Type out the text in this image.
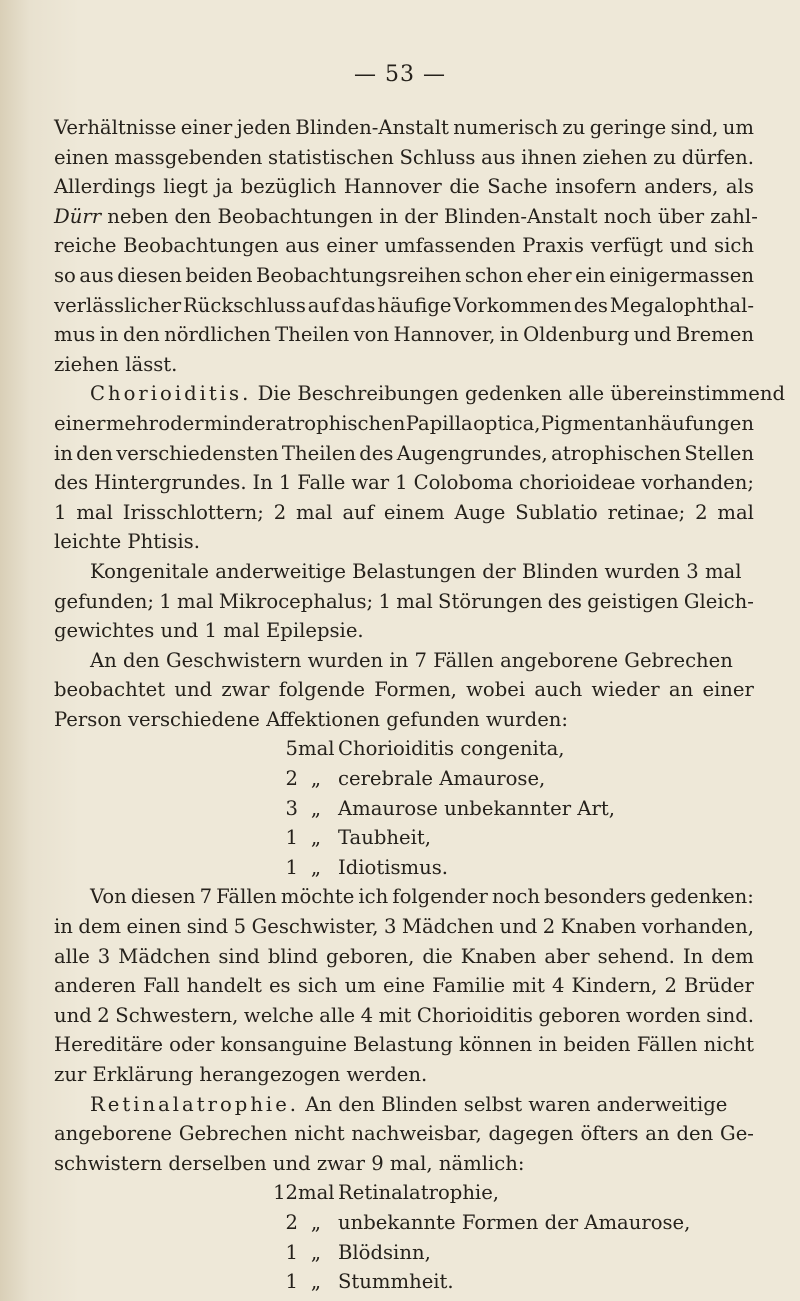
— 53 —
Verhältnisse einer jeden Blinden-Anstalt numerisch zu geringe sind, um
einen massgebenden statistischen Schluss aus ihnen ziehen zu dürfen.
Allerdings liegt ja bezüglich Hannover die Sache insofern anders, als
Dürr
neben den Beobachtungen in der Blinden-Anstalt noch über zahl-
reiche Beobachtungen aus einer umfassenden Praxis verfügt und sich
so aus diesen beiden Beobachtungsreihen schon eher ein einigermassen
verlässlicher Rückschluss auf das häufige Vorkommen des Megalophthal-
mus in den nördlichen Theilen von Hannover, in Oldenburg und Bremen
ziehen lässt.
Chorioiditis.
Die Beschreibungen gedenken alle übereinstimmend
einer mehr oder minder atrophischen Papilla optica, Pigmentanhäufungen
in den verschiedensten Theilen des Augengrundes, atrophischen Stellen
des Hintergrundes. In 1 Falle war 1 Coloboma chorioideae vorhanden;
1 mal Irisschlottern; 2 mal auf einem Auge Sublatio retinae; 2 mal
leichte Phtisis.
Kongenitale anderweitige Belastungen der Blinden wurden 3 mal
gefunden; 1 mal Mikrocephalus; 1 mal Störungen des geistigen Gleich-
gewichtes und 1 mal Epilepsie.
An den Geschwistern wurden in 7 Fällen angeborene Gebrechen
beobachtet und zwar folgende Formen, wobei auch wieder an einer
Person verschiedene Affektionen gefunden wurden:
5 mal Chorioiditis congenita,
2 „ cerebrale Amaurose,
3 „ Amaurose unbekannter Art,
1 „ Taubheit,
1 „ Idiotismus.
Von diesen 7 Fällen möchte ich folgender noch besonders gedenken:
in dem einen sind 5 Geschwister, 3 Mädchen und 2 Knaben vorhanden,
alle 3 Mädchen sind blind geboren, die Knaben aber sehend. In dem
anderen Fall handelt es sich um eine Familie mit 4 Kindern, 2 Brüder
und 2 Schwestern, welche alle 4 mit Chorioiditis geboren worden sind.
Hereditäre oder konsanguine Belastung können in beiden Fällen nicht
zur Erklärung herangezogen werden.
Retinalatrophie.
An den Blinden selbst waren anderweitige
angeborene Gebrechen nicht nachweisbar, dagegen öfters an den Ge-
schwistern derselben und zwar 9 mal, nämlich:
12 mal Retinalatrophie,
2 „ unbekannte Formen der Amaurose,
1 „ Blödsinn,
1 „ Stummheit.
